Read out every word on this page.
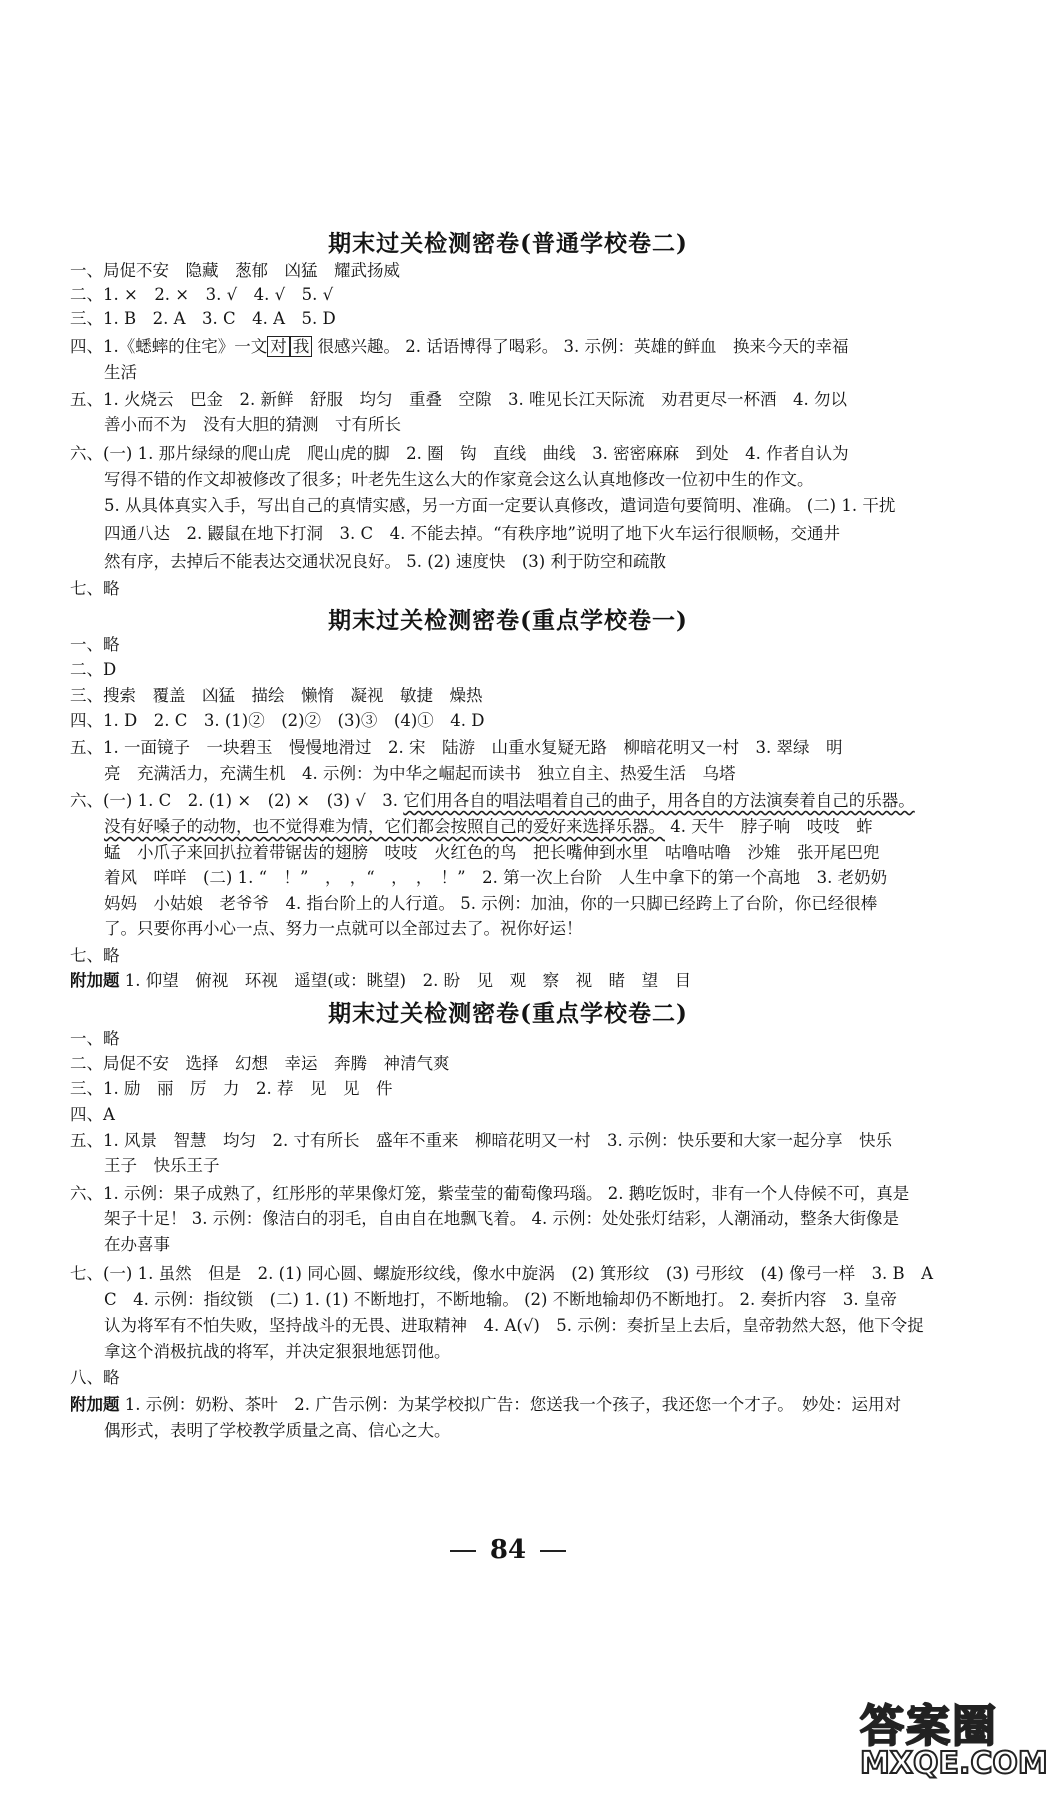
期末过关检测密卷(普通学校卷二)
一、局促不安　隐藏　葱郁　凶猛　耀武扬威
二、1. ×　2. ×　3. √　4. √　5. √
三、1. B　2. A　3. C　4. A　5. D
四、1.《蟋蟀的住宅》一文 对 我 很感兴趣。 2. 话语博得了喝彩。 3. 示例：英雄的鲜血　换来今天的幸福
生活
五、1. 火烧云　巴金　2. 新鲜　舒服　均匀　重叠　空隙　3. 唯见长江天际流　劝君更尽一杯酒　4. 勿以
善小而不为　没有大胆的猜测　寸有所长
六、(一) 1. 那片绿绿的爬山虎　爬山虎的脚　2. 圈　钩　直线　曲线　3. 密密麻麻　到处　4. 作者自认为
写得不错的作文却被修改了很多；叶老先生这么大的作家竟会这么认真地修改一位初中生的作文。
5. 从具体真实入手，写出自己的真情实感，另一方面一定要认真修改，遣词造句要简明、准确。 (二) 1. 干扰
四通八达　2. 鼹鼠在地下打洞　3. C　4. 不能去掉。“有秩序地”说明了地下火车运行很顺畅，交通井
然有序，去掉后不能表达交通状况良好。 5. (2) 速度快　(3) 利于防空和疏散
七、略
期末过关检测密卷(重点学校卷一)
一、略
二、D
三、搜索　覆盖　凶猛　描绘　懒惰　凝视　敏捷　燥热
四、1. D　2. C　3. (1)②　(2)②　(3)③　(4)①　4. D
五、1. 一面镜子　一块碧玉　慢慢地滑过　2. 宋　陆游　山重水复疑无路　柳暗花明又一村　3. 翠绿　明
亮　充满活力，充满生机　4. 示例：为中华之崛起而读书　独立自主、热爱生活　乌塔
六、(一) 1. C　2. (1) ×　(2) ×　(3) √　3. 它们用各自的唱法唱着自己的曲子，用各自的方法演奏着自己的乐器。
没有好嗓子的动物，也不觉得难为情，它们都会按照自己的爱好来选择乐器。 4. 天牛　脖子响　吱吱　蚱
蜢　小爪子来回扒拉着带锯齿的翅膀　吱吱　火红色的鸟　把长嘴伸到水里　咕噜咕噜　沙雉　张开尾巴兜
着风　咩咩　(二) 1. “　！”　，　，“　，　，　！”　2. 第一次上台阶　人生中拿下的第一个高地　3. 老奶奶
妈妈　小姑娘　老爷爷　4. 指台阶上的人行道。 5. 示例：加油，你的一只脚已经跨上了台阶，你已经很棒
了。只要你再小心一点、努力一点就可以全部过去了。祝你好运！
七、略
附加题 1. 仰望　俯视　环视　遥望(或：眺望)　2. 盼　见　观　察　视　睹　望　目
期末过关检测密卷(重点学校卷二)
一、略
二、局促不安　选择　幻想　幸运　奔腾　神清气爽
三、1. 励　丽　厉　力　2. 荐　见　见　件
四、A
五、1. 风景　智慧　均匀　2. 寸有所长　盛年不重来　柳暗花明又一村　3. 示例：快乐要和大家一起分享　快乐
王子　快乐王子
六、1. 示例：果子成熟了，红彤彤的苹果像灯笼，紫莹莹的葡萄像玛瑙。 2. 鹅吃饭时，非有一个人侍候不可，真是
架子十足！ 3. 示例：像洁白的羽毛，自由自在地飘飞着。 4. 示例：处处张灯结彩，人潮涌动，整条大街像是
在办喜事
七、(一) 1. 虽然　但是　2. (1) 同心圆、螺旋形纹线，像水中旋涡　(2) 箕形纹　(3) 弓形纹　(4) 像弓一样　3. B　A
C　4. 示例：指纹锁　(二) 1. (1) 不断地打，不断地输。 (2) 不断地输却仍不断地打。 2. 奏折内容　3. 皇帝
认为将军有不怕失败，坚持战斗的无畏、进取精神　4. A(√)　5. 示例：奏折呈上去后，皇帝勃然大怒，他下令捉
拿这个消极抗战的将军，并决定狠狠地惩罚他。
八、略
附加题 1. 示例：奶粉、茶叶　2. 广告示例：为某学校拟广告：您送我一个孩子，我还您一个才子。　妙处：运用对
偶形式，表明了学校教学质量之高、信心之大。
84
答案圈
MXQE.COM
